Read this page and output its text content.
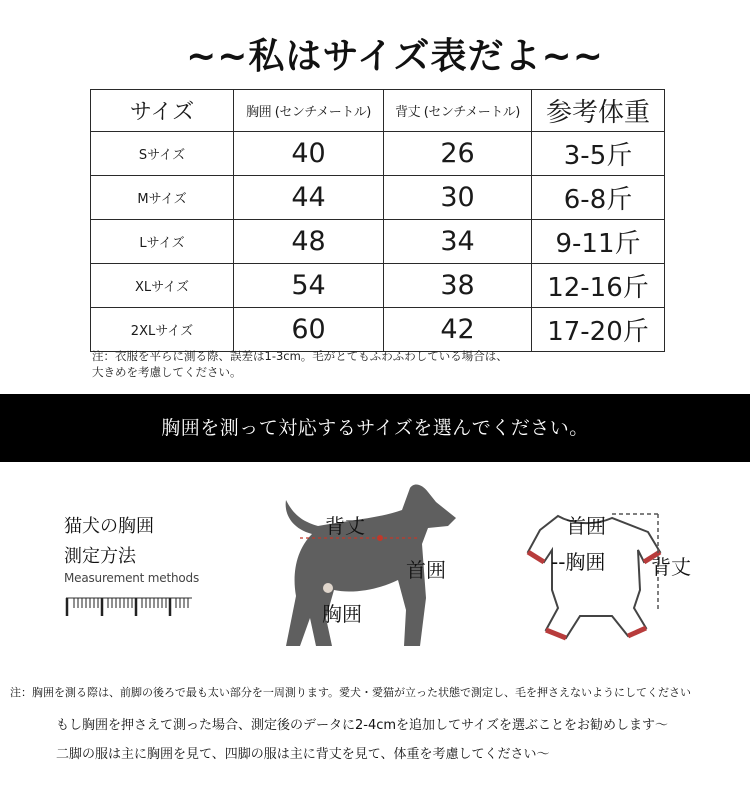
~~私はサイズ表だよ~~
サイズ	胸囲 (センチメートル)	背丈 (センチメートル)	参考体重
Sサイズ	40	26	3-5斤
Mサイズ	44	30	6-8斤
Lサイズ	48	34	9-11斤
XLサイズ	54	38	12-16斤
2XLサイズ	60	42	17-20斤
注：衣服を平らに測る際、誤差は1-3cm。毛がとてもふわふわしている場合は、
大きめを考慮してください。
胸囲を測って対応するサイズを選んでください。
猫犬の胸囲
測定方法
Measurement methods
背丈
首囲
胸囲
首囲
--胸囲 背丈
注：胸囲を測る際は、前脚の後ろで最も太い部分を一周測ります。愛犬・愛猫が立った状態で測定し、毛を押さえないようにしてください
もし胸囲を押さえて測った場合、測定後のデータに2-4cmを追加してサイズを選ぶことをお勧めします〜
二脚の服は主に胸囲を見て、四脚の服は主に背丈を見て、体重を考慮してください〜
